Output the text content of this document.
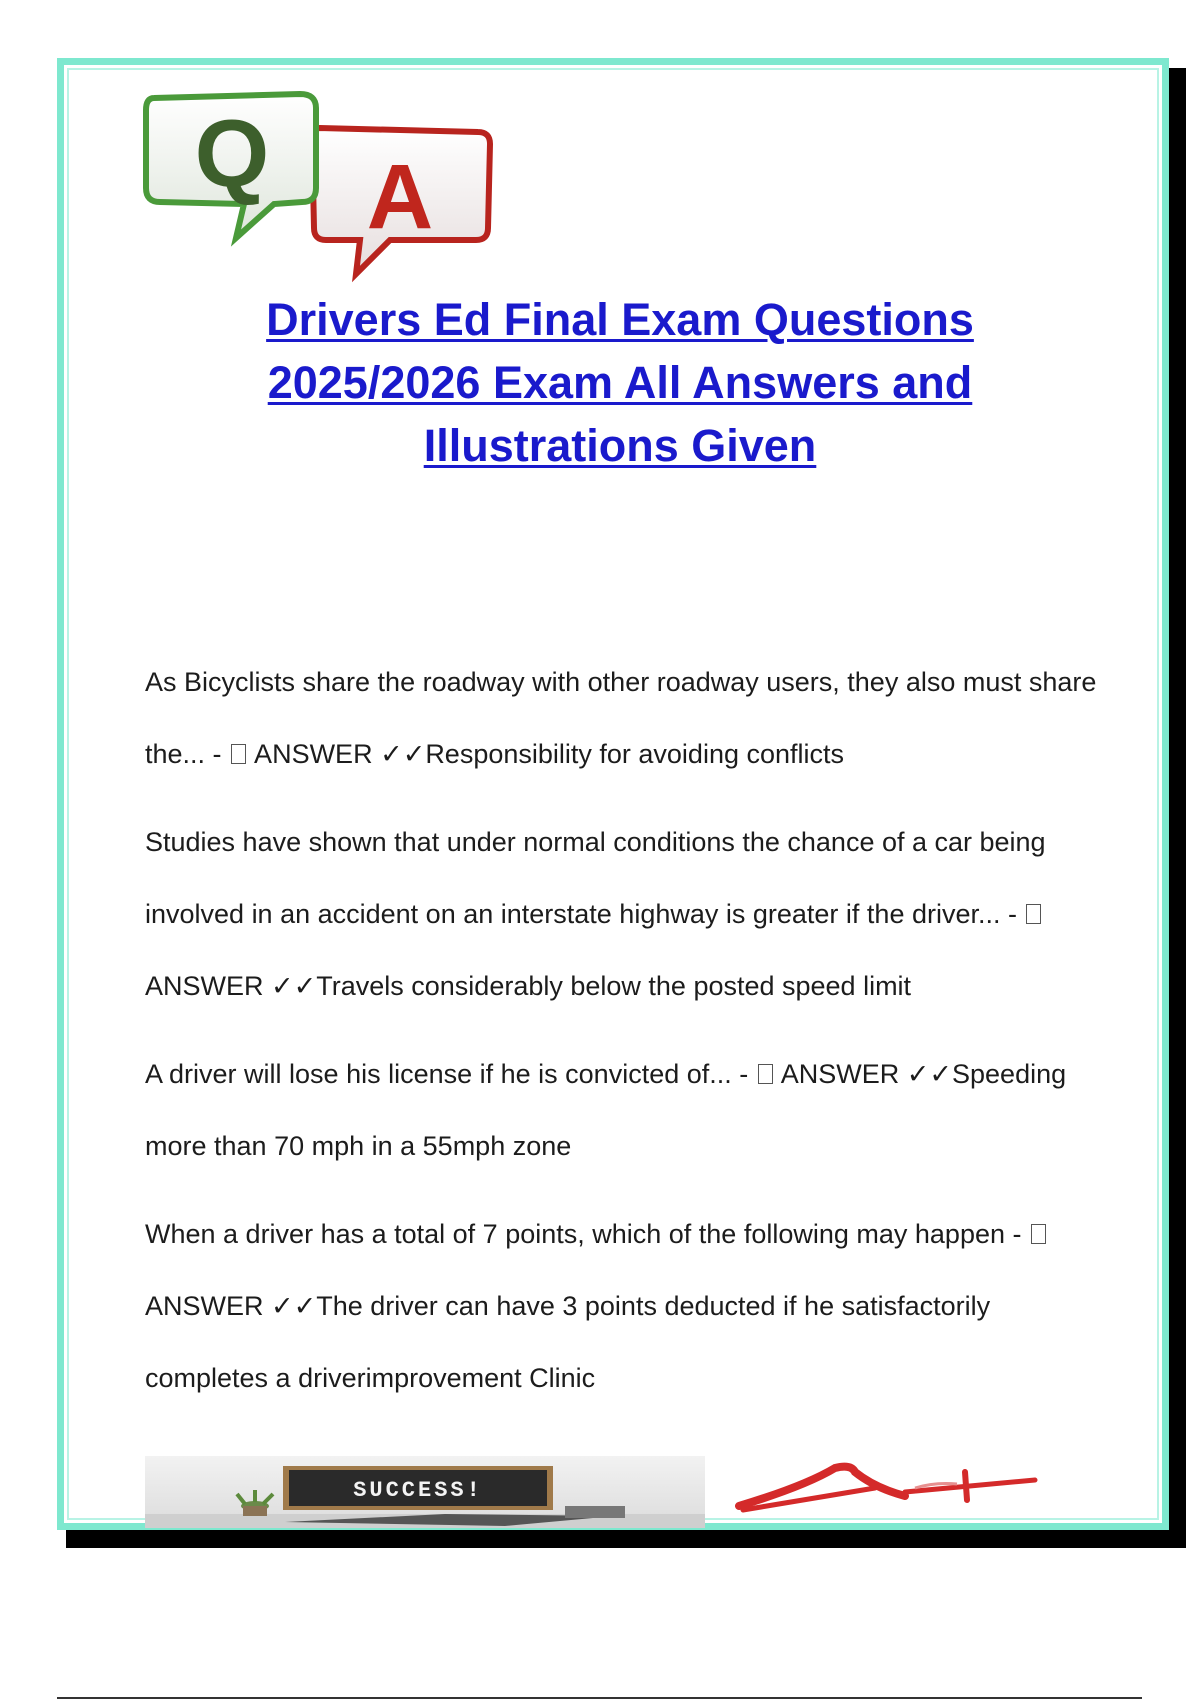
A
Q
Drivers Ed Final Exam Questions
2025/2026 Exam All Answers and
Illustrations Given
As Bicyclists share the roadway with other roadway users, they also must share the... -  ANSWER ✓✓Responsibility for avoiding conflicts
Studies have shown that under normal conditions the chance of a car being involved in an accident on an interstate highway is greater if the driver... -  ANSWER ✓✓Travels considerably below the posted speed limit
A driver will lose his license if he is convicted of... -  ANSWER ✓✓Speeding more than 70 mph in a 55mph zone
When a driver has a total of 7 points, which of the following may happen -  ANSWER ✓✓The driver can have 3 points deducted if he satisfactorily completes a driverimprovement Clinic
SUCCESS!
